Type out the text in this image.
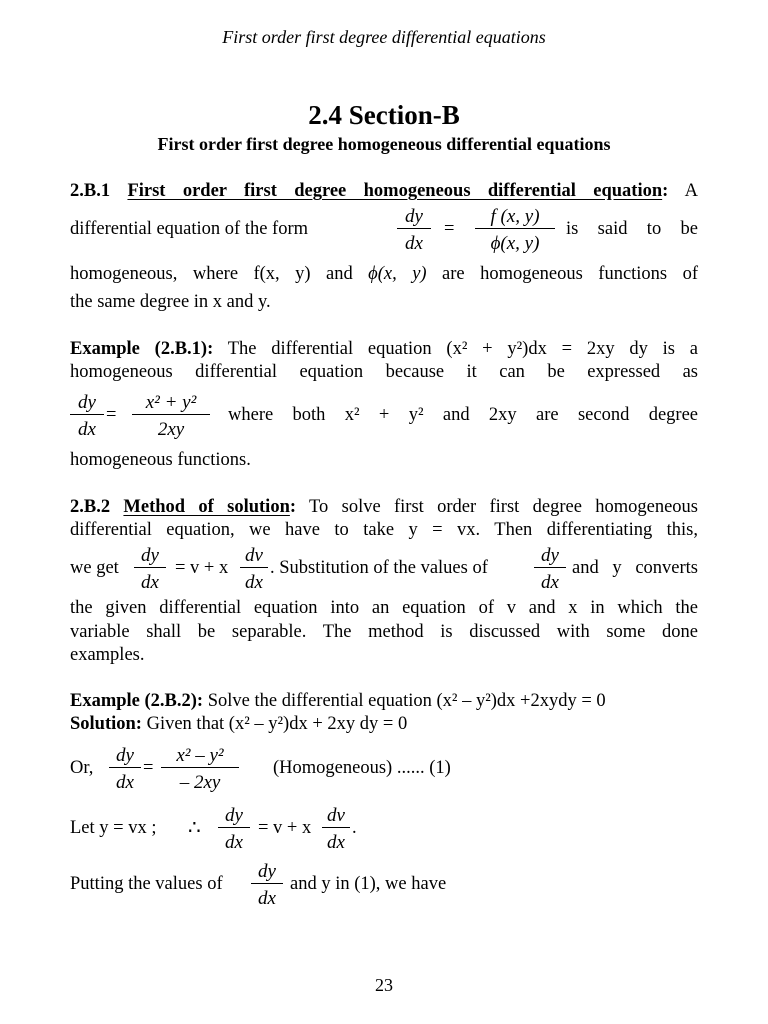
First order first degree differential equations
2.4 Section-B
First order first degree homogeneous differential equations
2.B.1 First order first degree homogeneous differential equation: A
differential equation of the form	$\frac{dy}{dx} = \frac{f (x, y)}{\phi(x, y)}$ is said to be
homogeneous, where f(x, y) and ϕ(x, y) are homogeneous functions of
the same degree in x and y.
Example (2.B.1): The differential equation (x² + y²)dx = 2xy dy is a
homogeneous differential equation because it can be expressed as
$\frac{dy}{dx} = \frac{\text{x² + y²}}{2xy}$ where both x² + y² and 2xy are second degree
homogeneous functions.
2.B.2 Method of solution: To solve first order first degree homogeneous
differential equation, we have to take y = vx. Then differentiating this,
we get $\frac{dy}{dx} = v + x \frac{dv}{dx}$ . Substitution of the values of $\frac{dy}{dx}$ and y converts
the given differential equation into an equation of v and x in which the
variable shall be separable. The method is discussed with some done
examples.
Example (2.B.2): Solve the differential equation (x² – y²)dx +2xydy = 0
Solution: Given that (x² – y²)dx + 2xy dy = 0
Or, $\frac{dy}{dx} = \frac{\text{x² – y²}}{- 2xy}$ (Homogeneous) ...... (1)
Let y = vx ; ∴ $\frac{dy}{dx} = v + x \frac{dv}{dx}$ .
Putting the values of $\frac{dy}{dx}$ and y in (1), we have
23
